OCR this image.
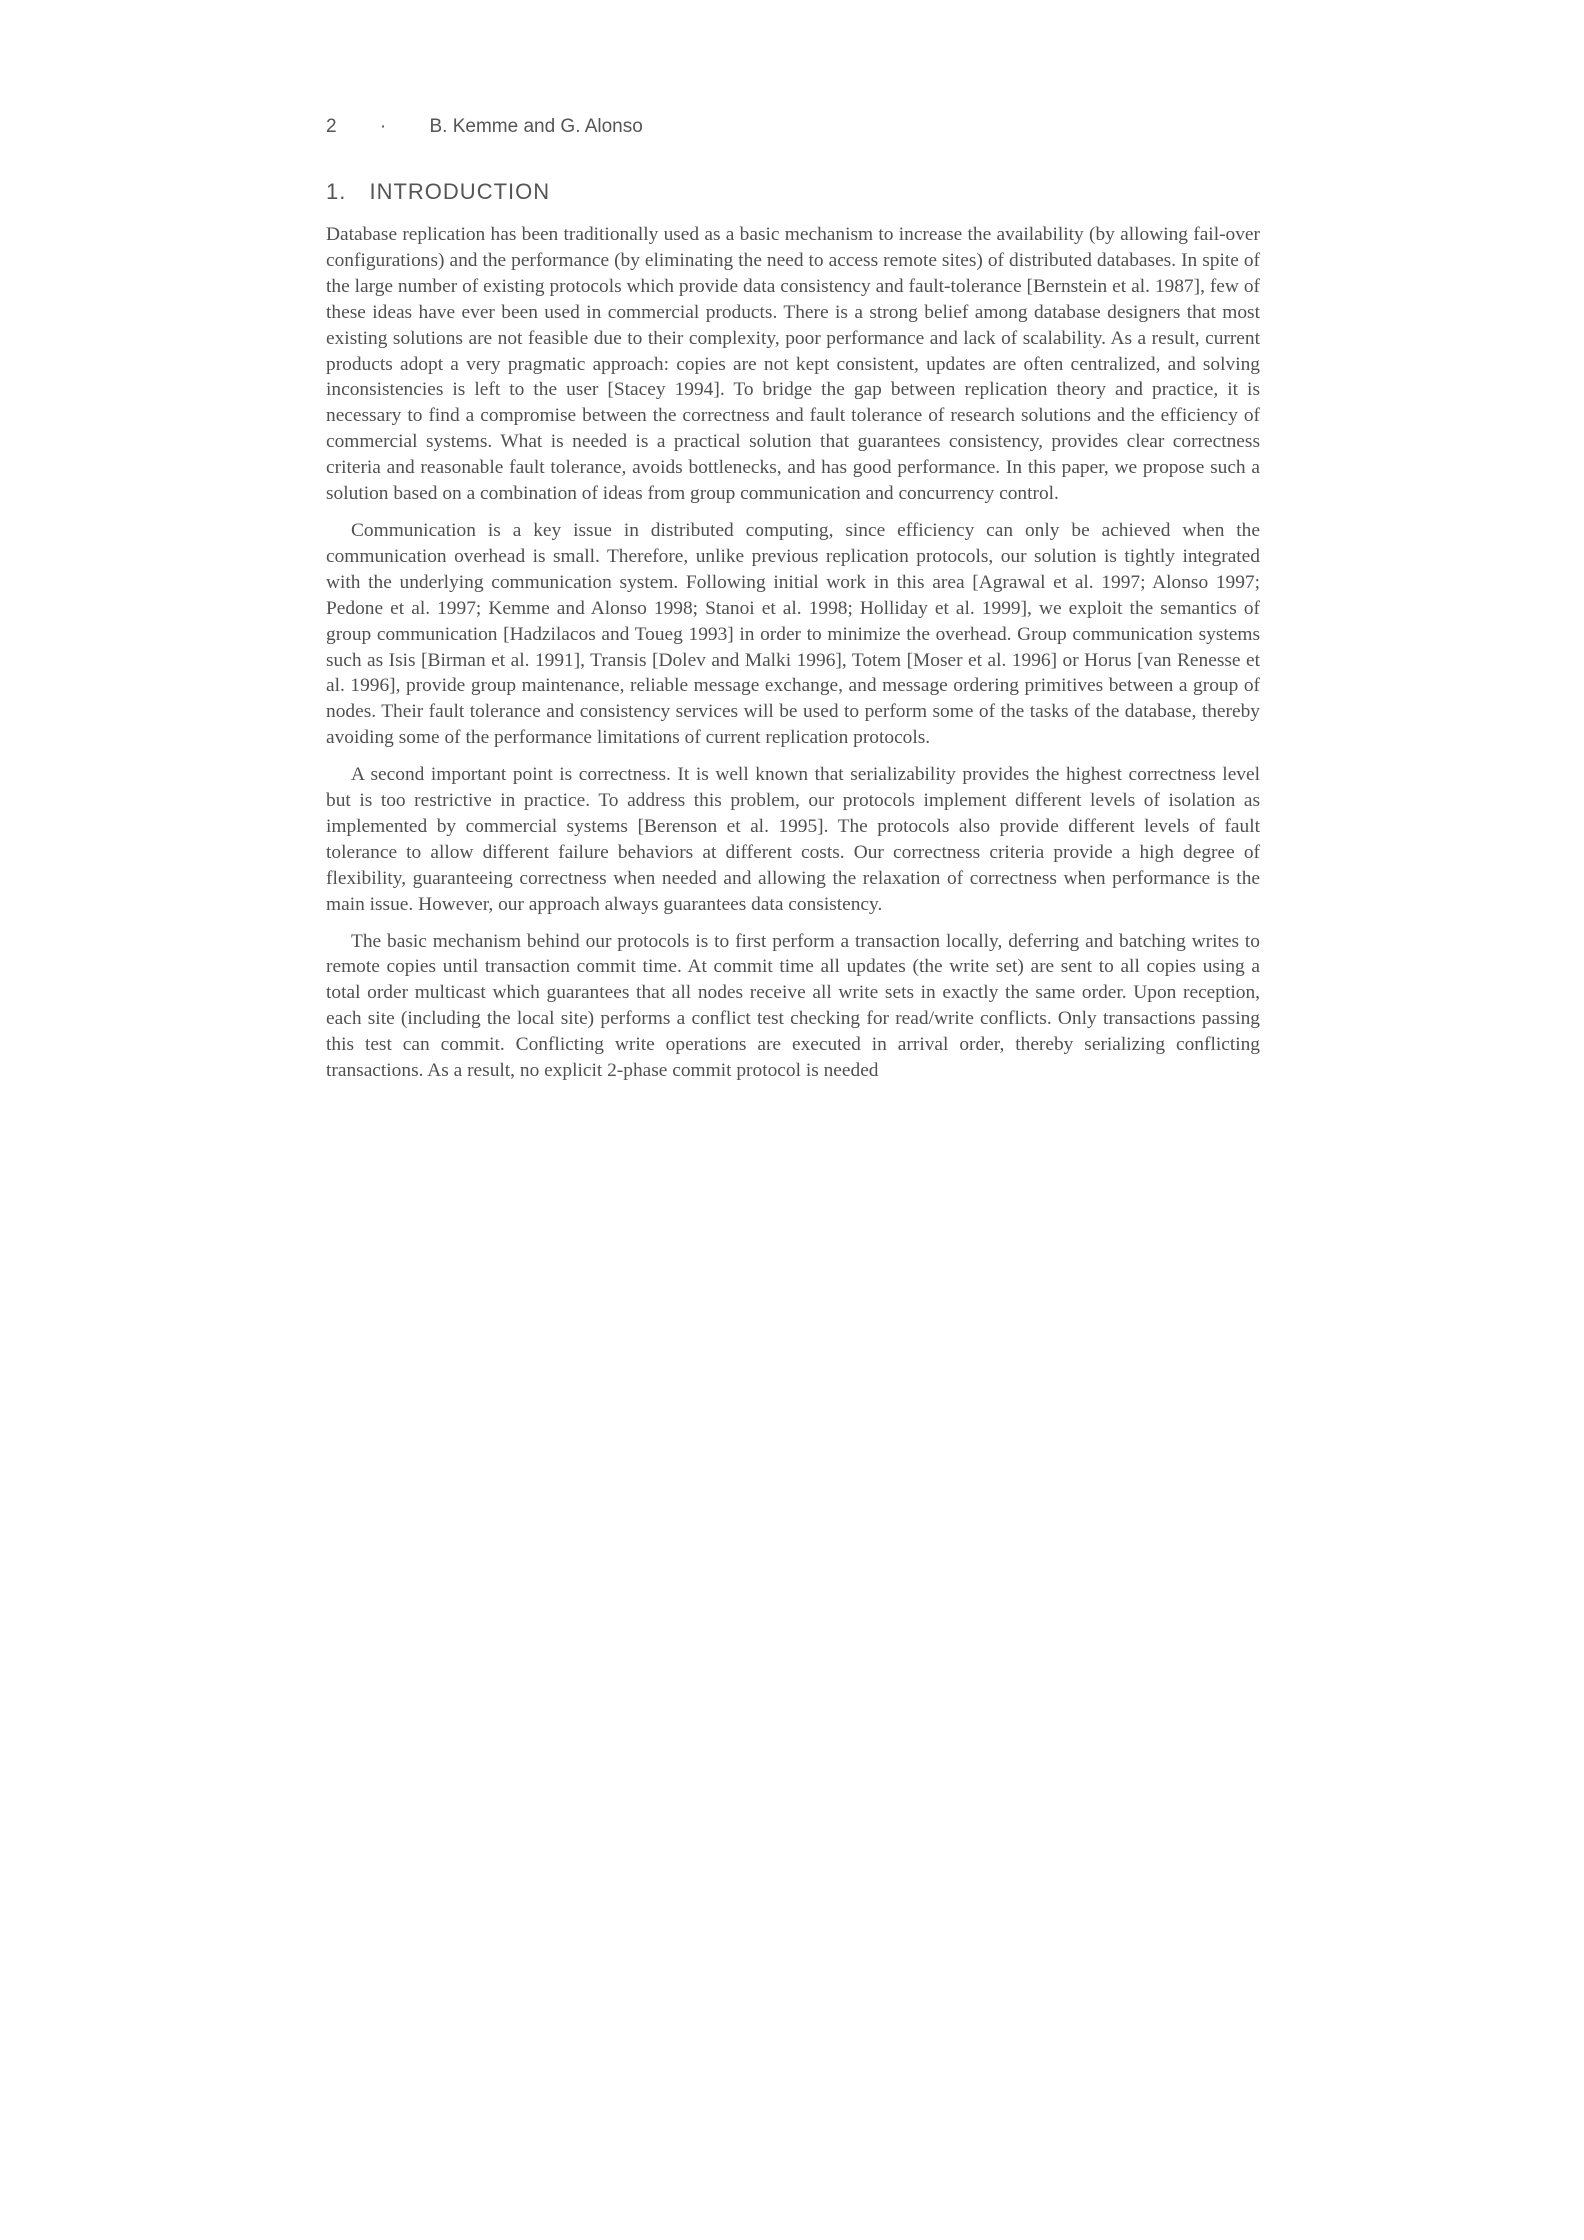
2 · B. Kemme and G. Alonso
1. INTRODUCTION

Database replication has been traditionally used as a basic mechanism to increase the availability (by allowing fail-over configurations) and the performance (by eliminating the need to access remote sites) of distributed databases. In spite of the large number of existing protocols which provide data consistency and fault-tolerance [Bernstein et al. 1987], few of these ideas have ever been used in commercial products. There is a strong belief among database designers that most existing solutions are not feasible due to their complexity, poor performance and lack of scalability. As a result, current products adopt a very pragmatic approach: copies are not kept consistent, updates are often centralized, and solving inconsistencies is left to the user [Stacey 1994]. To bridge the gap between replication theory and practice, it is necessary to find a compromise between the correctness and fault tolerance of research solutions and the efficiency of commercial systems. What is needed is a practical solution that guarantees consistency, provides clear correctness criteria and reasonable fault tolerance, avoids bottlenecks, and has good performance. In this paper, we propose such a solution based on a combination of ideas from group communication and concurrency control.

Communication is a key issue in distributed computing, since efficiency can only be achieved when the communication overhead is small. Therefore, unlike previous replication protocols, our solution is tightly integrated with the underlying communication system. Following initial work in this area [Agrawal et al. 1997; Alonso 1997; Pedone et al. 1997; Kemme and Alonso 1998; Stanoi et al. 1998; Holliday et al. 1999], we exploit the semantics of group communication [Hadzilacos and Toueg 1993] in order to minimize the overhead. Group communication systems such as Isis [Birman et al. 1991], Transis [Dolev and Malki 1996], Totem [Moser et al. 1996] or Horus [van Renesse et al. 1996], provide group maintenance, reliable message exchange, and message ordering primitives between a group of nodes. Their fault tolerance and consistency services will be used to perform some of the tasks of the database, thereby avoiding some of the performance limitations of current replication protocols.

A second important point is correctness. It is well known that serializability provides the highest correctness level but is too restrictive in practice. To address this problem, our protocols implement different levels of isolation as implemented by commercial systems [Berenson et al. 1995]. The protocols also provide different levels of fault tolerance to allow different failure behaviors at different costs. Our correctness criteria provide a high degree of flexibility, guaranteeing correctness when needed and allowing the relaxation of correctness when performance is the main issue. However, our approach always guarantees data consistency.

The basic mechanism behind our protocols is to first perform a transaction locally, deferring and batching writes to remote copies until transaction commit time. At commit time all updates (the write set) are sent to all copies using a total order multicast which guarantees that all nodes receive all write sets in exactly the same order. Upon reception, each site (including the local site) performs a conflict test checking for read/write conflicts. Only transactions passing this test can commit. Conflicting write operations are executed in arrival order, thereby serializing conflicting transactions. As a result, no explicit 2-phase commit protocol is needed
